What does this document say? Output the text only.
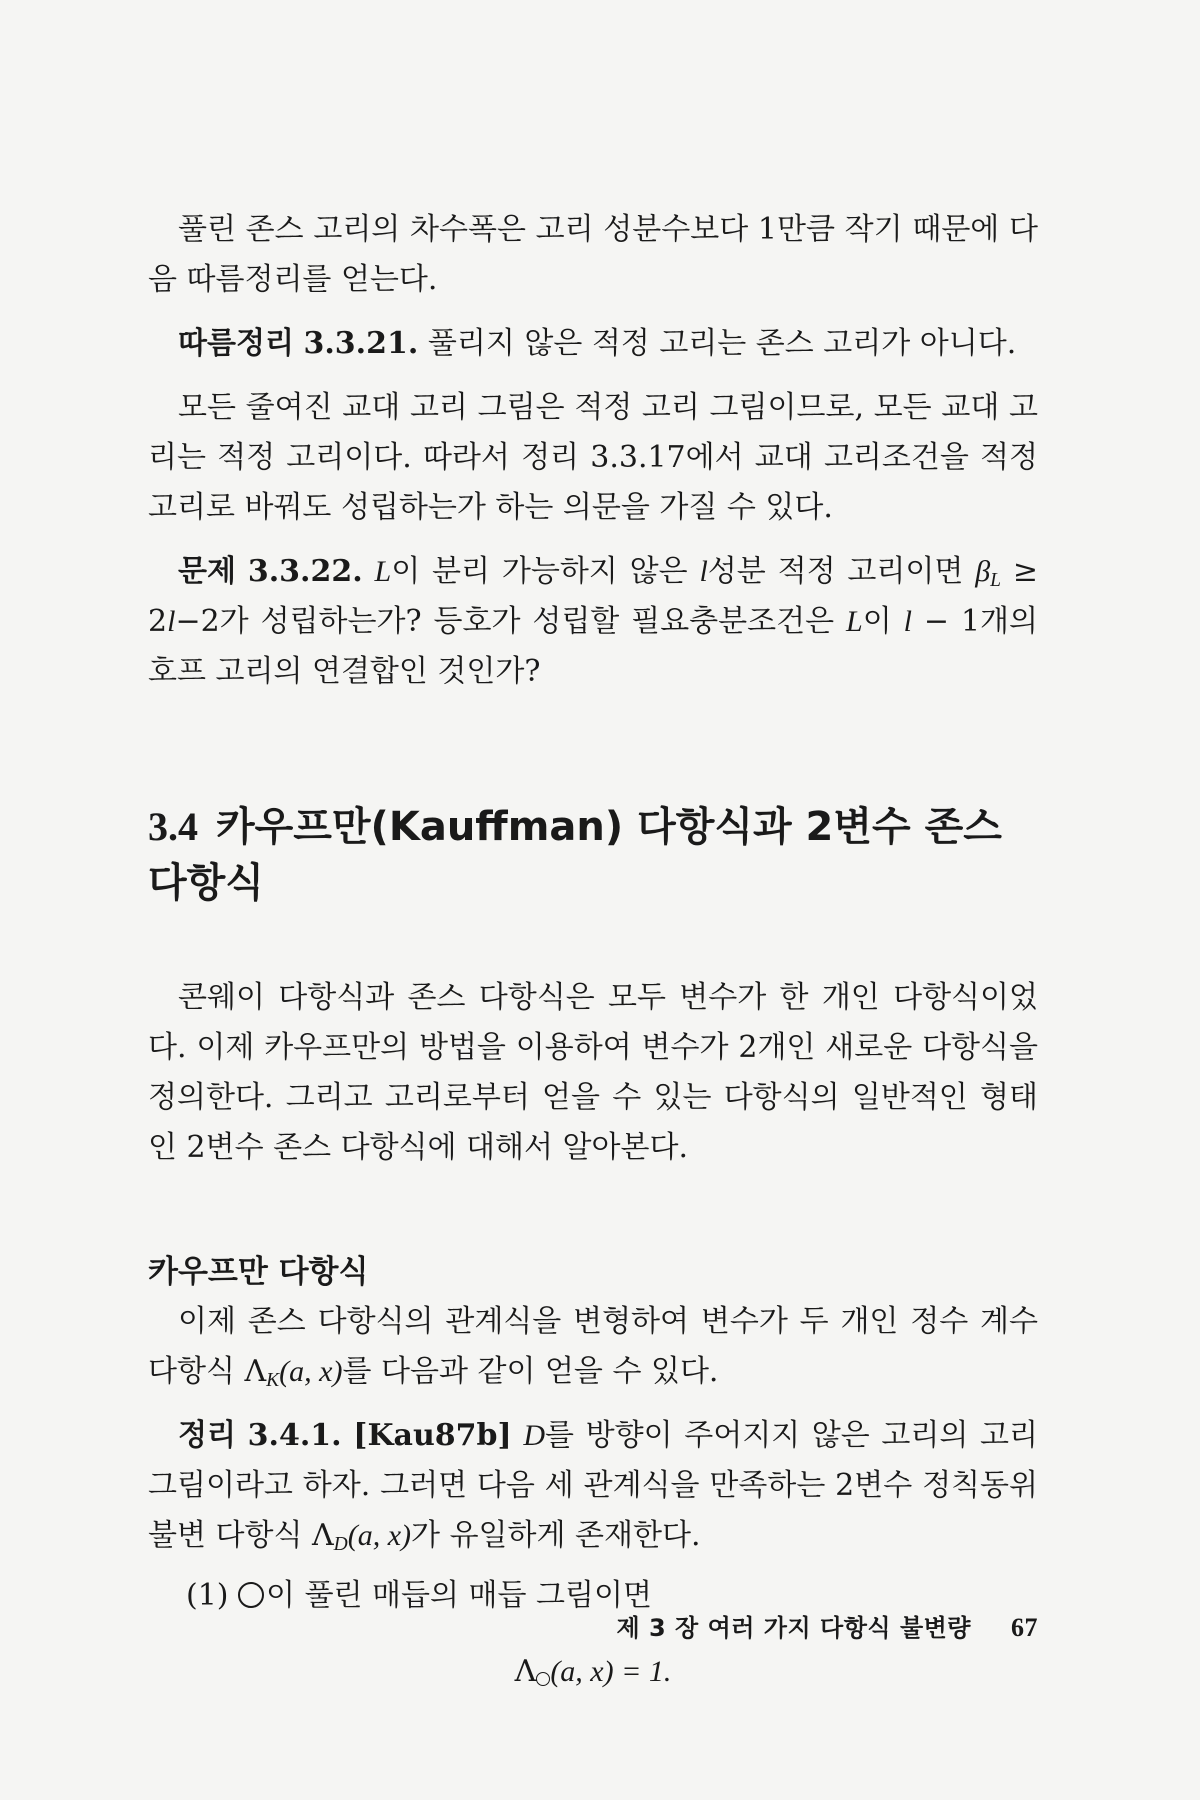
풀린 존스 고리의 차수폭은 고리 성분수보다 1만큼 작기 때문에 다음 따름정리를 얻는다.

따름정리 3.3.21. 풀리지 않은 적정 고리는 존스 고리가 아니다.

모든 줄여진 교대 고리 그림은 적정 고리 그림이므로, 모든 교대 고리는 적정 고리이다. 따라서 정리 3.3.17에서 교대 고리조건을 적정 고리로 바꿔도 성립하는가 하는 의문을 가질 수 있다.

문제 3.3.22. L이 분리 가능하지 않은 l성분 적정 고리이면 $\beta_L \ge 2l-2$가 성립하는가? 등호가 성립할 필요충분조건은 L이 l − 1개의 호프 고리의 연결합인 것인가?

3.4 카우프만(Kauffman) 다항식과 2변수 존스 다항식

콘웨이 다항식과 존스 다항식은 모두 변수가 한 개인 다항식이었다. 이제 카우프만의 방법을 이용하여 변수가 2개인 새로운 다항식을 정의한다. 그리고 고리로부터 얻을 수 있는 다항식의 일반적인 형태인 2변수 존스 다항식에 대해서 알아본다.

카우프만 다항식

이제 존스 다항식의 관계식을 변형하여 변수가 두 개인 정수 계수 다항식 $\Lambda_K(a$, x)를 다음과 같이 얻을 수 있다.

정리 3.4.1. [Kau87b] D를 방향이 주어지지 않은 고리의 고리 그림이라고 하자. 그러면 다음 세 관계식을 만족하는 2변수 정칙동위 불변 다항식 $\Lambda_D(a$, x)가 유일하게 존재한다.

(1) 이 풀린 매듭의 매듭 그림이면

Λ (a, x) = 1.

제 3 장 여러 가지 다항식 불변량 67
